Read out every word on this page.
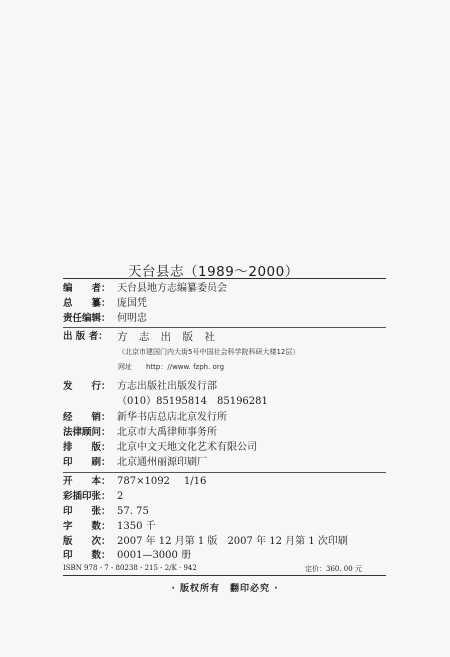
天台县志（1989～2000）
编　　者： 天台县地方志编纂委员会
总　　纂： 庞国凭
责任编辑： 何明忠
出 版 者： 方 志 出 版 社
（北京市建国门内大街5号中国社会科学院科研大楼12层）
网址 http：//www. fzph. org
发　　行： 方志出版社出版发行部
（010）85195814　85196281
经　　销： 新华书店总店北京发行所
法律顾问： 北京市大禹律师事务所
排　　版： 北京中文天地文化艺术有限公司
印　　刷： 北京通州丽源印刷厂
开　　本： 787×1092 1/16
彩插印张： 2
印　　张： 57. 75
字　　数： 1350 千
版　　次： 2007 年 12 月第 1 版 2007 年 12 月第 1 次印刷
印　　数： 0001—3000 册
ISBN 978 - 7 - 80238 - 215 - 2/K · 942	定价：360. 00 元
· 版权所有　翻印必究 ·
